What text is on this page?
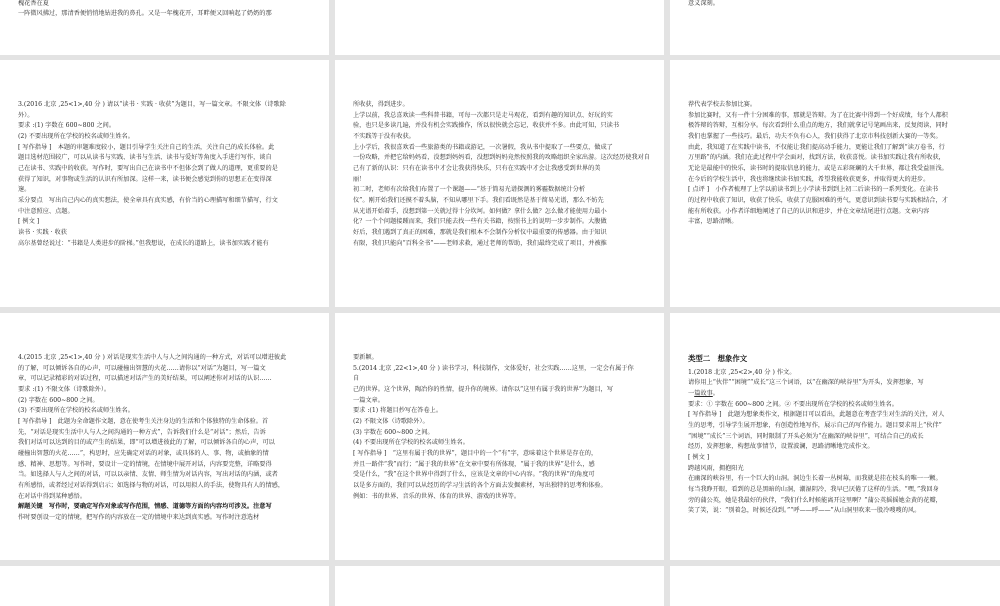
槐花香在夏

一阵微风拂过，那清香便悄悄地钻进我的鼻孔。又是一年槐花开，耳畔便又回响起了奶奶的那

意义深刻。

3.(2016 北京 ,25<1>,40 分 ) 请以“读书 · 实践 · 收获”为题目，写一篇文章。不限文体（诗歌除

外）。

要求 :(1) 字数在 600~800 之间。

(2) 不要出现所在学校的校名或师生姓名。

[ 写作指导 ]　本题的审题难度较小，题目引导学生关注自己的生活，关注自己的成长体验。此

题目选材范围较广，可以从读书与实践、读书与生活、读书与爱好等角度入手进行写作，谈自

己在读书、实践中的收获。写作时，要写出自己在读书中不但体会到了做人的道理，更重要的是

获得了知识，对事物或生活的认识有所加深。这样一来，读书便会感觉到你的思想正在变得深

邃。

采分要点　写出自己内心的真实想法，使全章具有真实感，有价当的心理描写和细节描写，行文

中注意照应、点题。

[ 例文 ]

读书 · 实践 · 收获

高尔基曾经说过：“书籍是人类进步的阶梯。”但我想说，在成长的道路上，读书加实践才能有

所收获，得到进步。

上学以前，我总喜欢读一些科普书籍，可每一次都只是走马观花，看到有趣的知识点、好玩的实

验，也只是多读几遍，并没有机会实践操作，所以很快就会忘记，收获并不多。由此可知，只读书

不实践等于没有收获。

上小学后，我很喜欢看一些旅游类的书籍或游记，一次暑假，我从书中提取了一些要点，做成了

一份攻略，并把它给妈妈看，没想到妈妈看，没想到妈妈竟然按照我的攻略组织全家出游。这次经历使我对自

己有了新的认识：只有在读书中才会让我获得快乐，只有在实践中才会让我感受到世界的美

丽！

初二时，老师有次给我们布置了一个课题——“基于简易光谱探测的雾霾数据统计分析

仪”。刚开始我们还摸不着头脑，不知从哪里下手。我们看既然是基于简易光谱，那么不妨先

从光谱开始着手，没想到第一关就过得十分坎坷。如何做？拿什么做？怎么做才能使用力最小

化？一个个问题接踵而来，我们只能去找一些有关书籍，按照书上的说明一步步制作。大腹做

好后，我们遇到了真正的困难，那就是我们根本不会制作分析仪中最重要的传感器。由于知识

有限，我们只能向“百科全书”——老师求救，通过老师的帮助，我们最终完成了项目，并被推

荐代表学校去参加比赛。

参加比赛时，又有一件十分困难的事，那就是答辩。为了在比赛中得到一个好成绩，每个人都积

极答辩的答辩，互相分享。每次看到什么重点的地方，我们就拿记号笔画出来，反复阅读，同时

我们也掌握了一些技巧。最后，功夫不负有心人，我们获得了北京市科技创新大赛的一等奖。

由此，我知道了在实践中读书，不仅能让我们提高动手能力，更能让我们了解到“读万卷书，行

万里路”的内涵。我们在此过程中学会面对，找到方法，收获喜悦。读书加实践让我有所收获，

无论是最能中的快乐，读书时的提取信息的能力，或是五彩斑斓的大千世界，都让我受益匪浅。

在今后的学校生活中，我也将继续读书加实践，希望我能收获更多，并取得更大的进步。

[ 点评 ]　小作者梳理了上学以前读书到上小学读书到到上初二后读书的一系列变化。在读书

的过程中收获了知识，收获了快乐，收获了克服困难的勇气，更意识到读书要与实践相结合，才

能有所收获。小作者详细地阐述了自己的认识和进步，并在文章结尾进行点题。文章内容

丰富，思路清晰。

4.(2015 北京 ,25<1>,40 分 ) 对话是现实生活中人与人之间沟通的一种方式，对话可以增进彼此

的了解，可以倾诉各自的心声，可以碰撞出智慧的火花……请你以“对话”为题目，写一篇文

章，可以记录精彩的对话过程，可以描述对话产生的美好结果，可以阐述你对对话的认识……

要求 :(1) 不限文体（诗歌除外）。

(2) 字数在 600~800 之间。

(3) 不要出现所在学校的校名或师生姓名。

[ 写作指导 ]　此题为全命题作文题，意在使考生关注身边的生活和个体独特的生命体验。首

先，“对话是现实生活中人与人之间沟通的一种方式”，告诉我们什么是“对话”；然后，告诉

我们对话可以达到的目的或产生的结果，即“可以增进彼此的了解，可以倾诉各自的心声，可以

碰撞出智慧的火花……”，构思时，应先确定对话的对象，或具体的人、事、物，或抽象的情

感、精神、思想等。写作时，要设计一定的情境，在情境中展开对话，内容要完整，详略要得

当。如选择人与人之间的对话，可以以亲情、友情、师生情为对话内容，写出对话的内涵，或者

有所感悟，或者经过对话得到启示；如选择与物的对话，可以用拟人的手法，使物具有人的情感，

在对话中得到某种感悟。

解题关键　写作时，要确定写作对象或写作范围，情感、道德等方面的内容均可涉及。注意写

作时要创设一定的情境，把写作的内容放在一定的情境中来达到真实感。写作时注意选材

要新颖。

5.(2014 北京 ,22<1>,40 分 ) 读书学习，科技制作，文体爱好，社会实践……这里，一定会有属于你

自

己的世界。这个世界，陶冶你的性情，提升你的境界。请你以“这里有属于我的世界”为题目，写

一篇文章。

要求 :(1) 将题目抄写在答卷上。

(2) 不限文体（诗歌除外）。

(3) 字数在 600~800 之间。

(4) 不要出现所在学校的校名或师生姓名。

[ 写作指导 ]　“这里有属于我的世界”，题目中的一个“有”字，意味着这个世界是存在的，

并且一路伴“我”而行；“属于我的世界”在文章中要有所体现，“属于我的世界”是什么，感

受是什么，“我”在这个世界中得到了什么，应该是文章的中心内容。“我的世界”的角度可

以是多方面的，我们可以从经历的学习生活的各个方面去发掘素材，写出独特的思考和体验。

例如：书的世界、音乐的世界、体育的世界、游戏的世界等。

类型二　想象作文

1.(2018 北京 ,25<2>,40 分 ) 作文。

请你用上“伙伴”“困境”“成长”这三个词语，以“在幽深的峡谷里”为开头，发挥想象，写

一篇故事。

要求：① 字数在 600~800 之间。② 不要出现所在学校的校名或师生姓名。

[ 写作指导 ]　此题为想象类作文，根据题目可以看出，此题意在考查学生对生活的关注，对人

生的思考，引导学生展开想象，有创造性地写作，展示自己的写作能力。题目要求用上“伙伴”

“困境”“成长”三个词语，同时限制了开头必须为“在幽深的峡谷里”，可结合自己的成长

经历，发挥想象，构想故事情节，设置波澜，思路清晰地完成作文。

[ 例文 ]

跨越风雨，拥抱阳光

在幽深的峡谷里，有一个巨大的山洞。洞边生长着一丛树莓，而我就是挂在枝头的唯一一颗。

每当我睁开眼，看到的总是黑暗的山洞，潮湿阴冷，我早已厌倦了这样的生活。“嘿，”我回身

旁的蒲公英，她是我最好的伙伴，“我们什么时候能离开这里啊？”蒲公英摇摇她金黄的花瓣，

笑了笑，说：“别着急，时候还没到。”“呼——呼——”从山洞里吹来一股冷嗖嗖的风。
